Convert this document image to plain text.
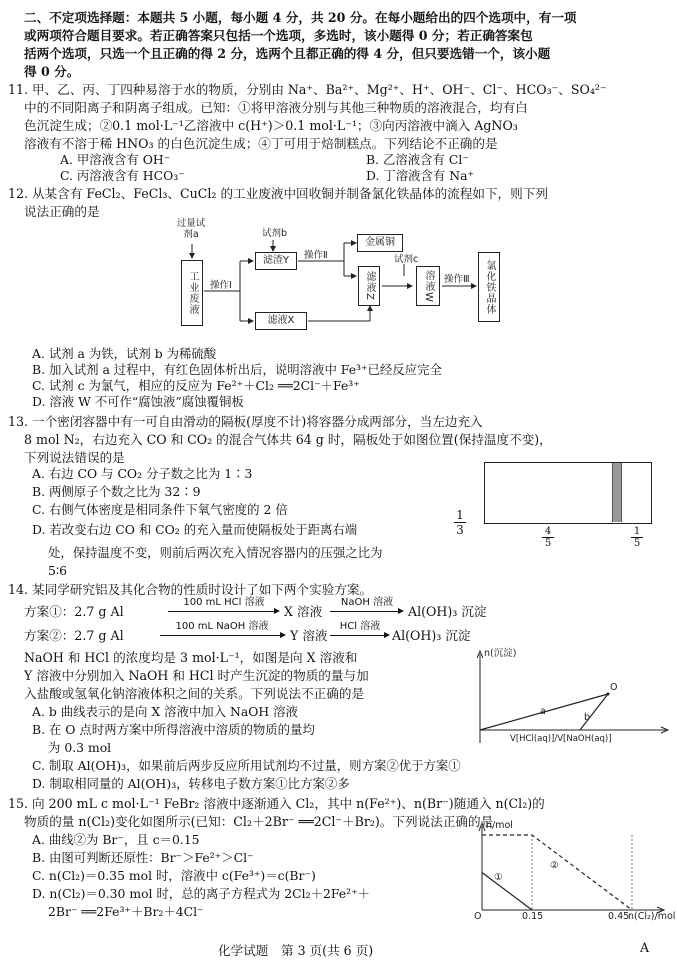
二、不定项选择题：本题共 5 小题，每小题 4 分，共 20 分。在每小题给出的四个选项中，有一项
或两项符合题目要求。若正确答案只包括一个选项，多选时，该小题得 0 分；若正确答案包
括两个选项，只选一个且正确的得 2 分，选两个且都正确的得 4 分，但只要选错一个，该小题
得 0 分。
11. 甲、乙、丙、丁四种易溶于水的物质，分别由 Na⁺、Ba²⁺、Mg²⁺、H⁺、OH⁻、Cl⁻、HCO₃⁻、SO₄²⁻
中的不同阳离子和阴离子组成。已知：①将甲溶液分别与其他三种物质的溶液混合，均有白
色沉淀生成；②0.1 mol·L⁻¹乙溶液中 c(H⁺)＞0.1 mol·L⁻¹；③向丙溶液中滴入 AgNO₃
溶液有不溶于稀 HNO₃ 的白色沉淀生成；④丁可用于焙制糕点。下列结论不正确的是
A. 甲溶液含有 OH⁻	B. 乙溶液含有 Cl⁻
C. 丙溶液含有 HCO₃⁻	D. 丁溶液含有 Na⁺
12. 从某含有 FeCl₂、FeCl₃、CuCl₂ 的工业废液中回收铜并制备氯化铁晶体的流程如下，则下列
说法正确的是
过量试剂a
工业废液	操作Ⅰ
试剂b
滤渣Y	操作Ⅱ
金属铜
滤液X
滤液Z
试剂c
溶液W	操作Ⅲ	氯化铁晶体
A. 试剂 a 为铁，试剂 b 为稀硫酸
B. 加入试剂 a 过程中，有红色固体析出后，说明溶液中 Fe³⁺已经反应完全
C. 试剂 c 为氯气，相应的反应为 Fe²⁺＋Cl₂ ══2Cl⁻＋Fe³⁺
D. 溶液 W 不可作“腐蚀液”腐蚀覆铜板
13. 一个密闭容器中有一可自由滑动的隔板(厚度不计)将容器分成两部分，当左边充入
8 mol N₂，右边充入 CO 和 CO₂ 的混合气体共 64 g 时，隔板处于如图位置(保持温度不变)，
下列说法错误的是
A. 右边 CO 与 CO₂ 分子数之比为 1∶3
B. 两侧原子个数之比为 32∶9
C. 右侧气体密度是相同条件下氧气密度的 2 倍
D. 若改变右边 CO 和 CO₂ 的充入量而使隔板处于距离右端	$\frac{1}{3}$
处，保持温度不变，则前后两次充入情况容器内的压强之比为
5∶6
$\frac{4}{5}$	$\frac{1}{5}$
14. 某同学研究铝及其化合物的性质时设计了如下两个实验方案。
方案①：2.7 g Al
100 mL HCl 溶液
X 溶液
NaOH 溶液
Al(OH)₃ 沉淀
方案②：2.7 g Al
100 mL NaOH 溶液
Y 溶液
HCl 溶液
Al(OH)₃ 沉淀
NaOH 和 HCl 的浓度均是 3 mol·L⁻¹，如图是向 X 溶液和
Y 溶液中分别加入 NaOH 和 HCl 时产生沉淀的物质的量与加
入盐酸或氢氧化钠溶液体积之间的关系。下列说法不正确的是
A. b 曲线表示的是向 X 溶液中加入 NaOH 溶液
B. 在 O 点时两方案中所得溶液中溶质的物质的量均
为 0.3 mol
C. 制取 Al(OH)₃，如果前后两步反应所用试剂均不过量，则方案②优于方案①
D. 制取相同量的 Al(OH)₃，转移电子数方案①比方案②多
n(沉淀)
a
b
O
V[HCl(aq)]/V[NaOH(aq)]
15. 向 200 mL c mol·L⁻¹ FeBr₂ 溶液中逐渐通入 Cl₂，其中 n(Fe²⁺)、n(Br⁻)随通入 n(Cl₂)的
物质的量 n(Cl₂)变化如图所示(已知：Cl₂＋2Br⁻ ══2Cl⁻＋Br₂)。下列说法正确的是
A. 曲线②为 Br⁻，且 c＝0.15
B. 由图可判断还原性：Br⁻＞Fe²⁺＞Cl⁻
C. n(Cl₂)＝0.35 mol 时，溶液中 c(Fe³⁺)＝c(Br⁻)
D. n(Cl₂)＝0.30 mol 时，总的离子方程式为 2Cl₂＋2Fe²⁺＋
2Br⁻ ══2Fe³⁺＋Br₂＋4Cl⁻
n/mol
O	0.15	0.45
n(Cl₂)/mol
①
②
化学试题　第 3 页(共 6 页)	A
